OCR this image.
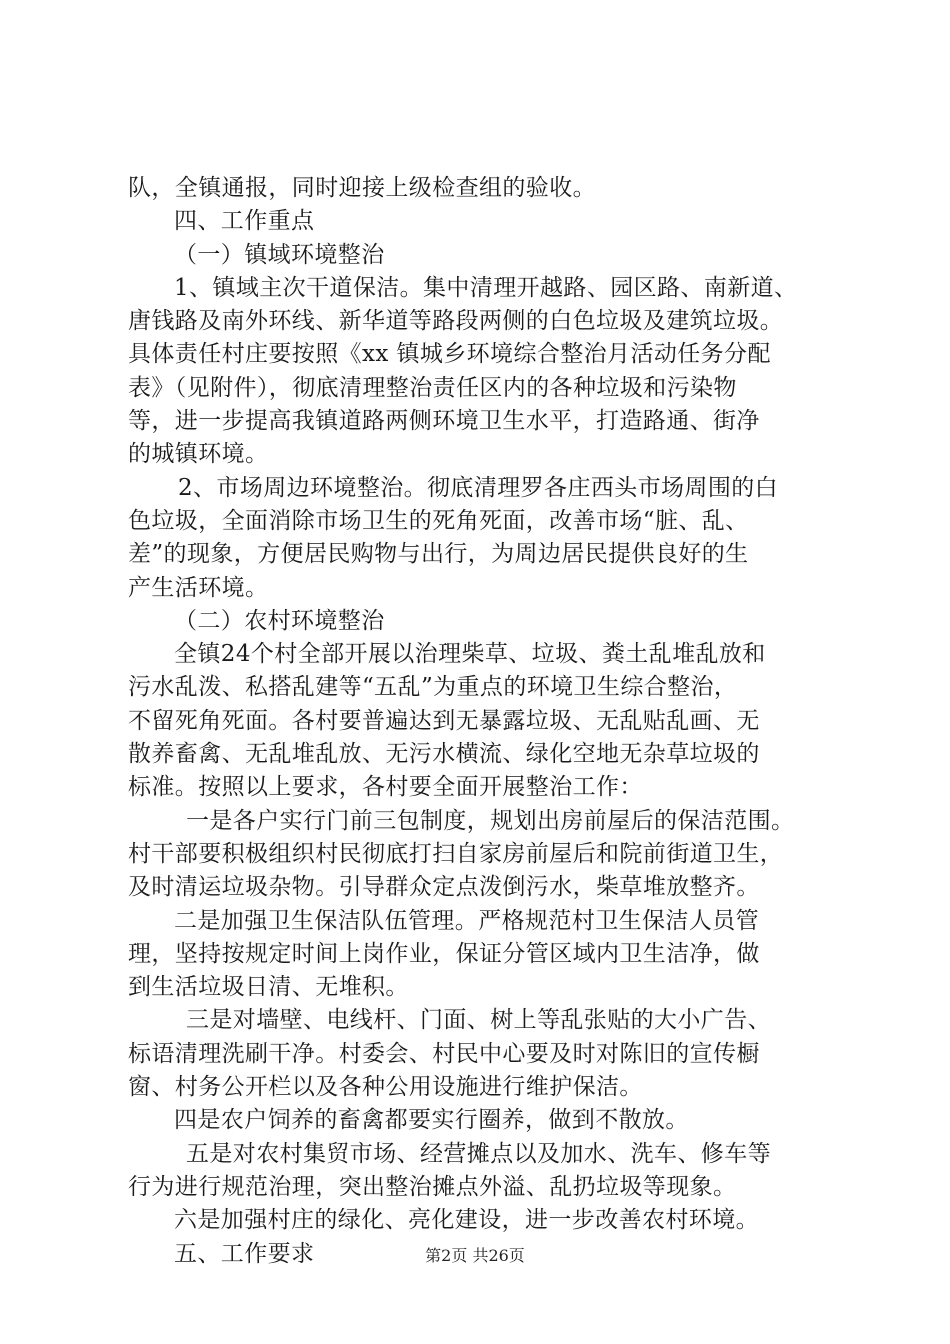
队，全镇通报，同时迎接上级检查组的验收。
四、工作重点
（一）镇域环境整治
1、镇域主次干道保洁。集中清理开越路、园区路、南新道、
唐钱路及南外环线、新华道等路段两侧的白色垃圾及建筑垃圾。
具体责任村庄要按照《xx 镇城乡环境综合整治月活动任务分配
表》（见附件），彻底清理整治责任区内的各种垃圾和污染物
等，进一步提高我镇道路两侧环境卫生水平，打造路通、街净
的城镇环境。
2、市场周边环境整治。彻底清理罗各庄西头市场周围的白
色垃圾，全面消除市场卫生的死角死面，改善市场“脏、乱、
差”的现象，方便居民购物与出行，为周边居民提供良好的生
产生活环境。
（二）农村环境整治
全镇24个村全部开展以治理柴草、垃圾、粪土乱堆乱放和
污水乱泼、私搭乱建等“五乱”为重点的环境卫生综合整治，
不留死角死面。各村要普遍达到无暴露垃圾、无乱贴乱画、无
散养畜禽、无乱堆乱放、无污水横流、绿化空地无杂草垃圾的
标准。按照以上要求，各村要全面开展整治工作：
一是各户实行门前三包制度，规划出房前屋后的保洁范围。
村干部要积极组织村民彻底打扫自家房前屋后和院前街道卫生，
及时清运垃圾杂物。引导群众定点泼倒污水，柴草堆放整齐。
二是加强卫生保洁队伍管理。严格规范村卫生保洁人员管
理，坚持按规定时间上岗作业，保证分管区域内卫生洁净，做
到生活垃圾日清、无堆积。
三是对墙壁、电线杆、门面、树上等乱张贴的大小广告、
标语清理洗刷干净。村委会、村民中心要及时对陈旧的宣传橱
窗、村务公开栏以及各种公用设施进行维护保洁。
四是农户饲养的畜禽都要实行圈养，做到不散放。
五是对农村集贸市场、经营摊点以及加水、洗车、修车等
行为进行规范治理，突出整治摊点外溢、乱扔垃圾等现象。
六是加强村庄的绿化、亮化建设，进一步改善农村环境。
五、工作要求	第2页 共26页
